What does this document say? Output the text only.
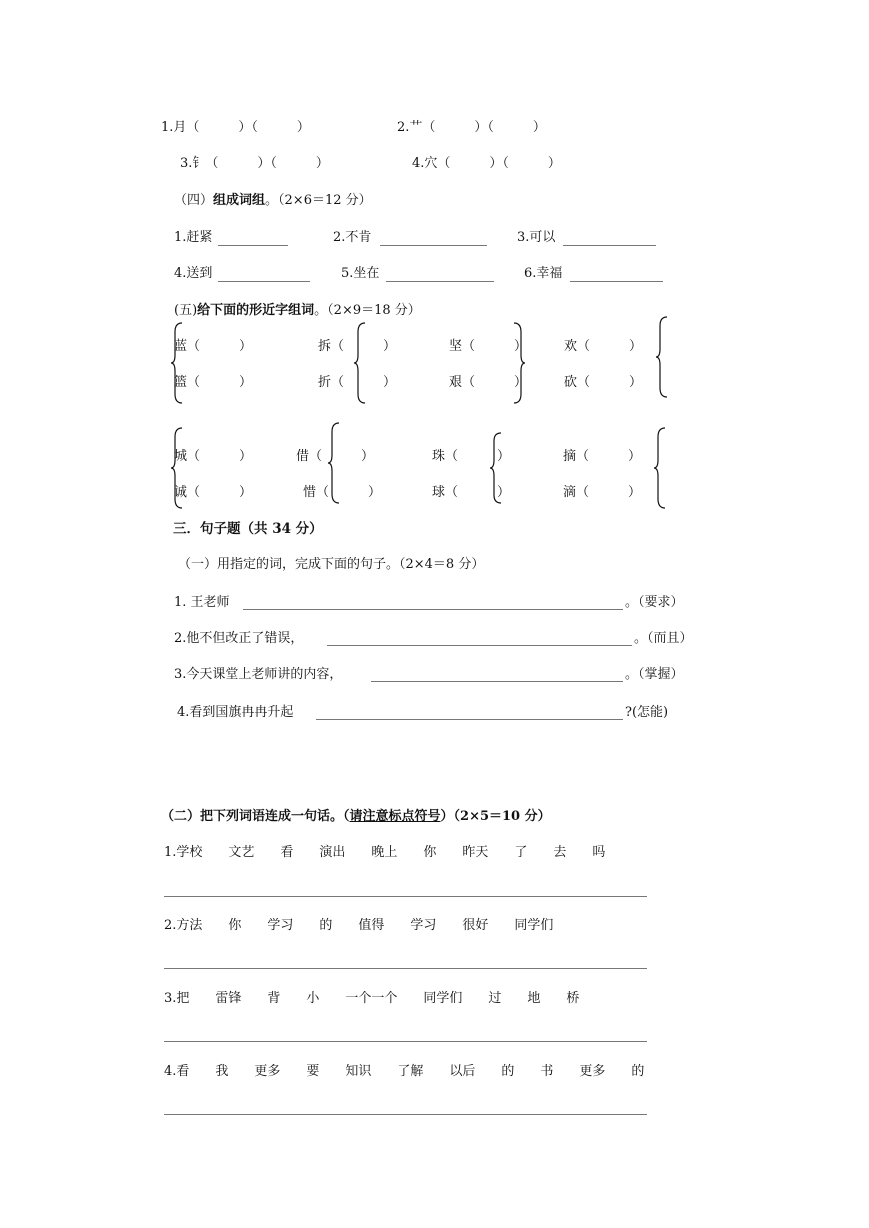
1.月（　　　）（　　　）	2.艹（　　　）（　　　）
3.钅（　　　）（　　　）	4.穴（　　　）（　　　）
（四）组成词组。（2×6＝12 分）
1.赶紧	2.不肯	3.可以
4.送到	5.坐在	6.幸福
(五)给下面的形近字组词。（2×9＝18 分）
蓝（　　　）
篮（　　　）
拆（　　　）
折（　　　）
坚（　　　）
艰（　　　）
欢（　　　）
砍（　　　）
城（　　　）
诚（　　　）
借（　　　）
惜（　　　）
珠（　　　）
球（　　　）
摘（　　　）
滴（　　　）
三．句子题（共 34 分）
（一）用指定的词，完成下面的句子。（2×4＝8 分）
1. 王老师	。（要求）
2.他不但改正了错误，	。（而且）
3.今天课堂上老师讲的内容，	。（掌握）
4.看到国旗冉冉升起	?(怎能)
（二）把下列词语连成一句话。（请注意标点符号）（2×5＝10 分）
1.学校　　文艺　　看　　演出　　晚上　　你　　昨天　　了　　去　　吗
2.方法　　你　　学习　　的　　值得　　学习　　很好　　同学们
3.把　　雷锋　　背　　小　　一个一个　　同学们　　过　　地　　桥
4.看　　我　　更多　　要　　知识　　了解　　以后　　的　　书　　更多　　的
